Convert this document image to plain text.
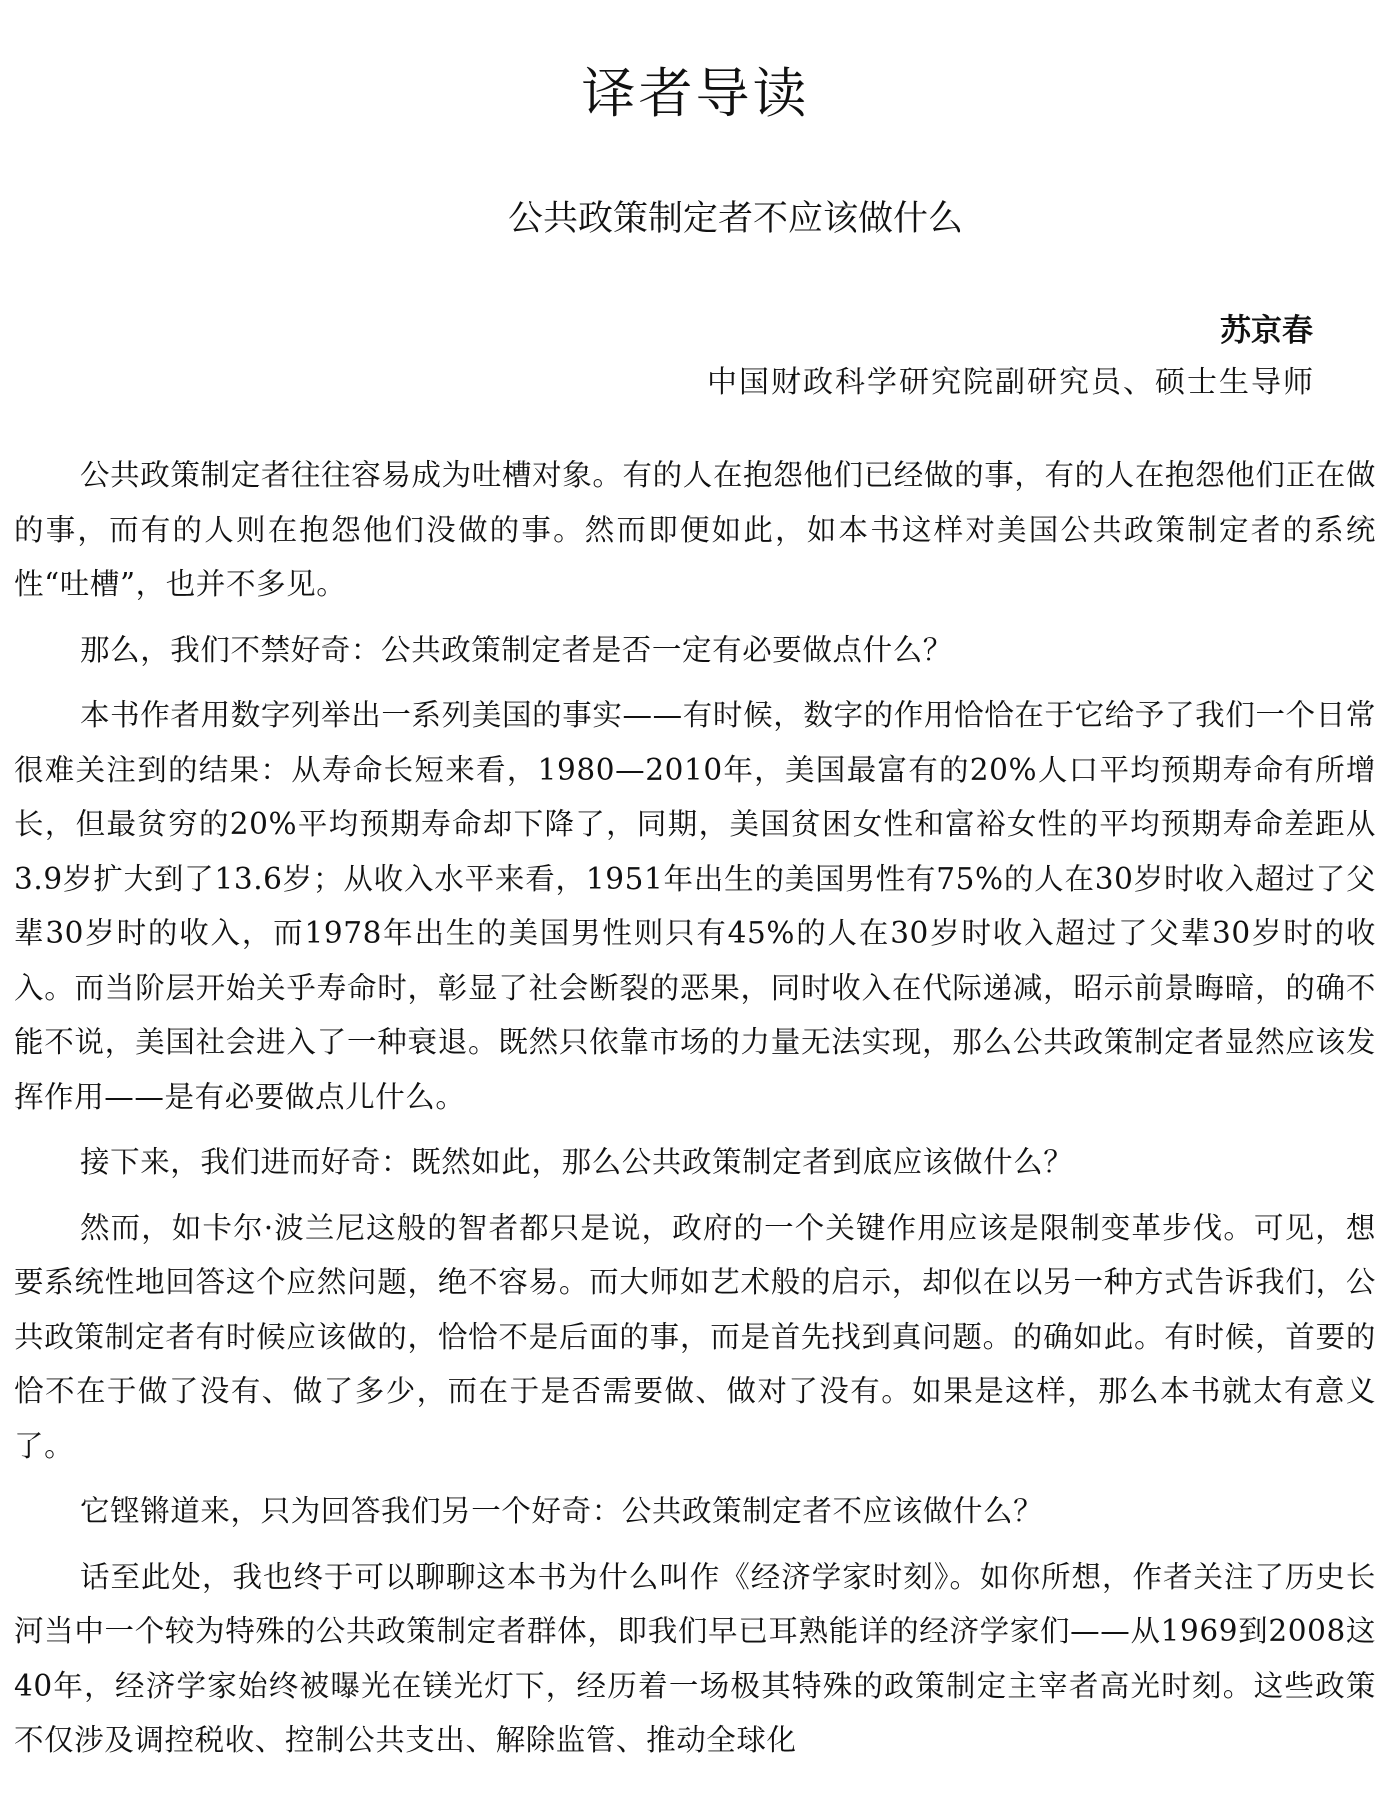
译者导读
公共政策制定者不应该做什么
苏京春
中国财政科学研究院副研究员、硕士生导师

公共政策制定者往往容易成为吐槽对象。有的人在抱怨他们已经做的事，有的人在抱怨他们正在做的事，而有的人则在抱怨他们没做的事。然而即便如此，如本书这样对美国公共政策制定者的系统性“吐槽”，也并不多见。

那么，我们不禁好奇：公共政策制定者是否一定有必要做点什么？

本书作者用数字列举出一系列美国的事实——有时候，数字的作用恰恰在于它给予了我们一个日常很难关注到的结果：从寿命长短来看，1980—2010年，美国最富有的20%人口平均预期寿命有所增长，但最贫穷的20%平均预期寿命却下降了，同期，美国贫困女性和富裕女性的平均预期寿命差距从3.9岁扩大到了13.6岁；从收入水平来看，1951年出生的美国男性有75%的人在30岁时收入超过了父辈30岁时的收入，而1978年出生的美国男性则只有45%的人在30岁时收入超过了父辈30岁时的收入。而当阶层开始关乎寿命时，彰显了社会断裂的恶果，同时收入在代际递减，昭示前景晦暗，的确不能不说，美国社会进入了一种衰退。既然只依靠市场的力量无法实现，那么公共政策制定者显然应该发挥作用——是有必要做点儿什么。

接下来，我们进而好奇：既然如此，那么公共政策制定者到底应该做什么？

然而，如卡尔·波兰尼这般的智者都只是说，政府的一个关键作用应该是限制变革步伐。可见，想要系统性地回答这个应然问题，绝不容易。而大师如艺术般的启示，却似在以另一种方式告诉我们，公共政策制定者有时候应该做的，恰恰不是后面的事，而是首先找到真问题。的确如此。有时候，首要的恰不在于做了没有、做了多少，而在于是否需要做、做对了没有。如果是这样，那么本书就太有意义了。

它铿锵道来，只为回答我们另一个好奇：公共政策制定者不应该做什么？

话至此处，我也终于可以聊聊这本书为什么叫作《经济学家时刻》。如你所想，作者关注了历史长河当中一个较为特殊的公共政策制定者群体，即我们早已耳熟能详的经济学家们——从1969到2008这40年，经济学家始终被曝光在镁光灯下，经历着一场极其特殊的政策制定主宰者高光时刻。这些政策不仅涉及调控税收、控制公共支出、解除监管、推动全球化
